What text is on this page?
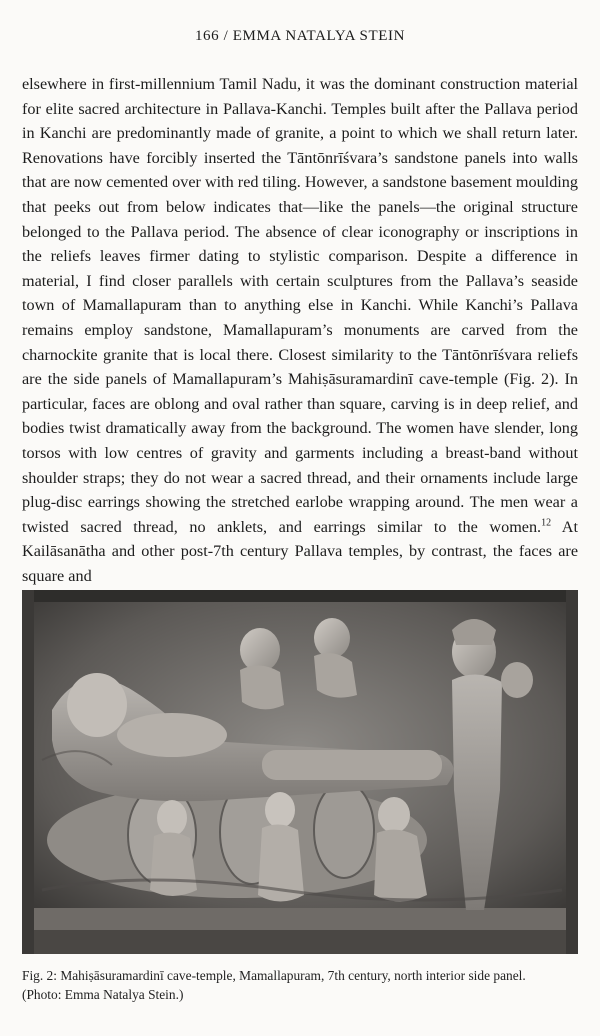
166 / EMMA NATALYA STEIN

elsewhere in first-millennium Tamil Nadu, it was the dominant construction material for elite sacred architecture in Pallava-Kanchi. Temples built after the Pallava period in Kanchi are predominantly made of granite, a point to which we shall return later. Renovations have forcibly inserted the Tāntōnrīśvara’s sandstone panels into walls that are now cemented over with red tiling. However, a sandstone basement moulding that peeks out from below indicates that—like the panels—the original structure belonged to the Pallava period. The absence of clear iconography or inscriptions in the reliefs leaves firmer dating to stylistic comparison. Despite a difference in material, I find closer parallels with certain sculptures from the Pallava’s seaside town of Mamallapuram than to anything else in Kanchi. While Kanchi’s Pallava remains employ sandstone, Mamallapuram’s monuments are carved from the charnockite granite that is local there. Closest similarity to the Tāntōnrīśvara reliefs are the side panels of Mamallapuram’s Mahiṣāsuramardinī cave-temple (Fig. 2). In particular, faces are oblong and oval rather than square, carving is in deep relief, and bodies twist dramatically away from the background. The women have slender, long torsos with low centres of gravity and garments including a breast-band without shoulder straps; they do not wear a sacred thread, and their ornaments include large plug-disc earrings showing the stretched earlobe wrapping around. The men wear a twisted sacred thread, no anklets, and earrings similar to the women.$^{12}$ At Kailāsanātha and other post-7th century Pallava temples, by contrast, the faces are square and

Fig. 2: Mahiṣāsuramardinī cave-temple, Mamallapuram, 7th century, north interior side panel.
(Photo: Emma Natalya Stein.)
